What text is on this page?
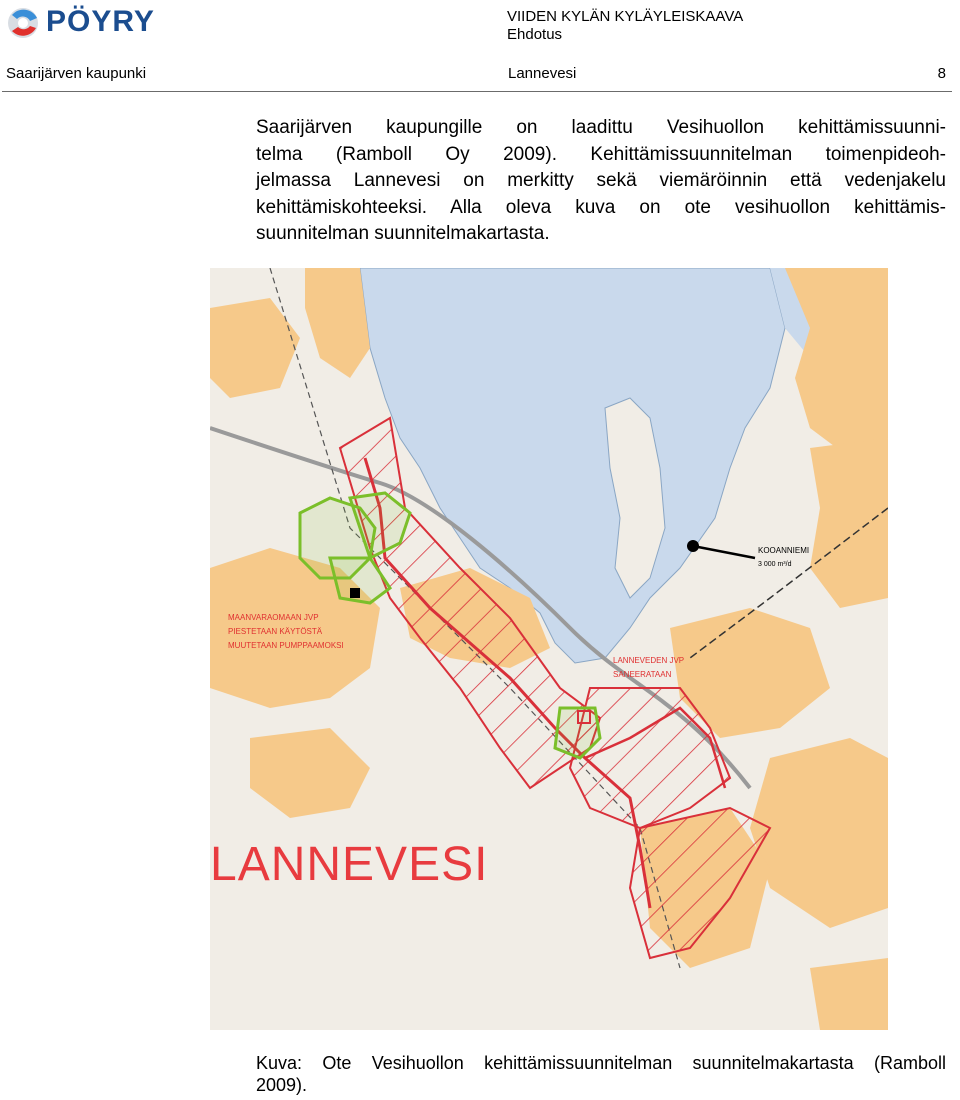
PÖYRY	VIIDEN KYLÄN KYLÄYLEISKAAVA
Ehdotus
Saarijärven kaupunki	Lannevesi	8
Saarijärven kaupungille on laadittu Vesihuollon kehittämissuunni-
telma (Ramboll Oy 2009). Kehittämissuunnitelman toimenpideoh-
jelmassa Lannevesi on merkitty sekä viemäröinnin että vedenjakelu
kehittämiskohteeksi. Alla oleva kuva on ote vesihuollon kehittämis-
suunnitelman suunnitelmakartasta.
LANNEVESI
MAANVARAOMAAN JVP
PIESTETAAN KÄYTÖSTÄ
MUUTETAAN PUMPPAAMOKSI
LANNEVEDEN JVP
SANEERATAAN
KOOANNIEMI
3 000 m³/d
Kuva: Ote Vesihuollon kehittämissuunnitelman suunnitelmakartasta (Ramboll
2009).
